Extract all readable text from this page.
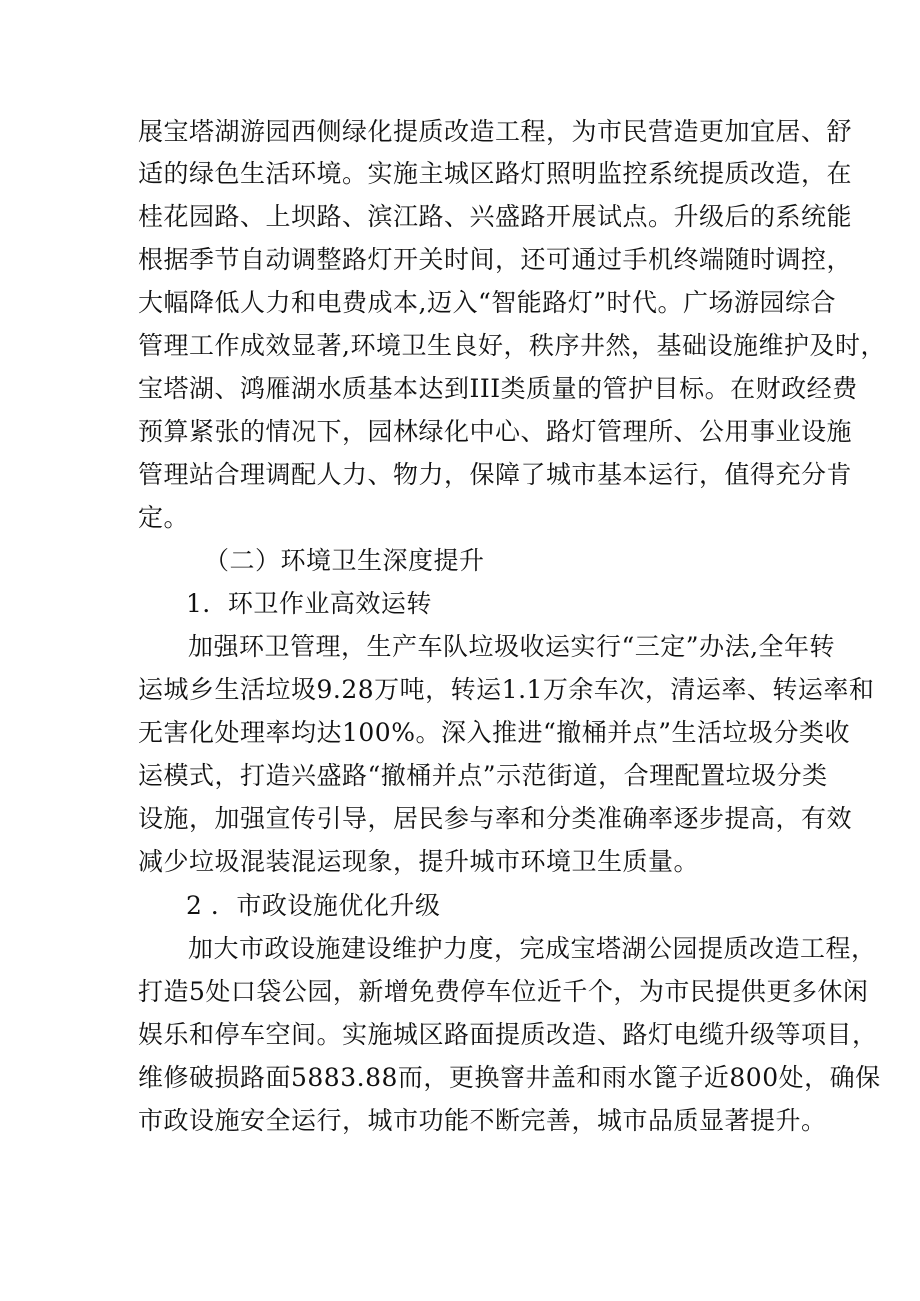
展宝塔湖游园西侧绿化提质改造工程，为市民营造更加宜居、舒
适的绿色生活环境。实施主城区路灯照明监控系统提质改造，在
桂花园路、上坝路、滨江路、兴盛路开展试点。升级后的系统能
根据季节自动调整路灯开关时间，还可通过手机终端随时调控，
大幅降低人力和电费成本,迈入“智能路灯”时代。广场游园综合
管理工作成效显著,环境卫生良好，秩序井然，基础设施维护及时，
宝塔湖、鸿雁湖水质基本达到III类质量的管护目标。在财政经费
预算紧张的情况下，园林绿化中心、路灯管理所、公用事业设施
管理站合理调配人力、物力，保障了城市基本运行，值得充分肯
定。
（二）环境卫生深度提升
1．环卫作业高效运转
加强环卫管理，生产车队垃圾收运实行“三定”办法,全年转
运城乡生活垃圾9.28万吨，转运1.1万余车次，清运率、转运率和
无害化处理率均达100%。深入推进“撤桶并点”生活垃圾分类收
运模式，打造兴盛路“撤桶并点”示范街道，合理配置垃圾分类
设施，加强宣传引导，居民参与率和分类准确率逐步提高，有效
减少垃圾混装混运现象，提升城市环境卫生质量。
2 ．市政设施优化升级
加大市政设施建设维护力度，完成宝塔湖公园提质改造工程，
打造5处口袋公园，新增免费停车位近千个，为市民提供更多休闲
娱乐和停车空间。实施城区路面提质改造、路灯电缆升级等项目，
维修破损路面5883.88而，更换窨井盖和雨水篦子近800处，确保
市政设施安全运行，城市功能不断完善，城市品质显著提升。
